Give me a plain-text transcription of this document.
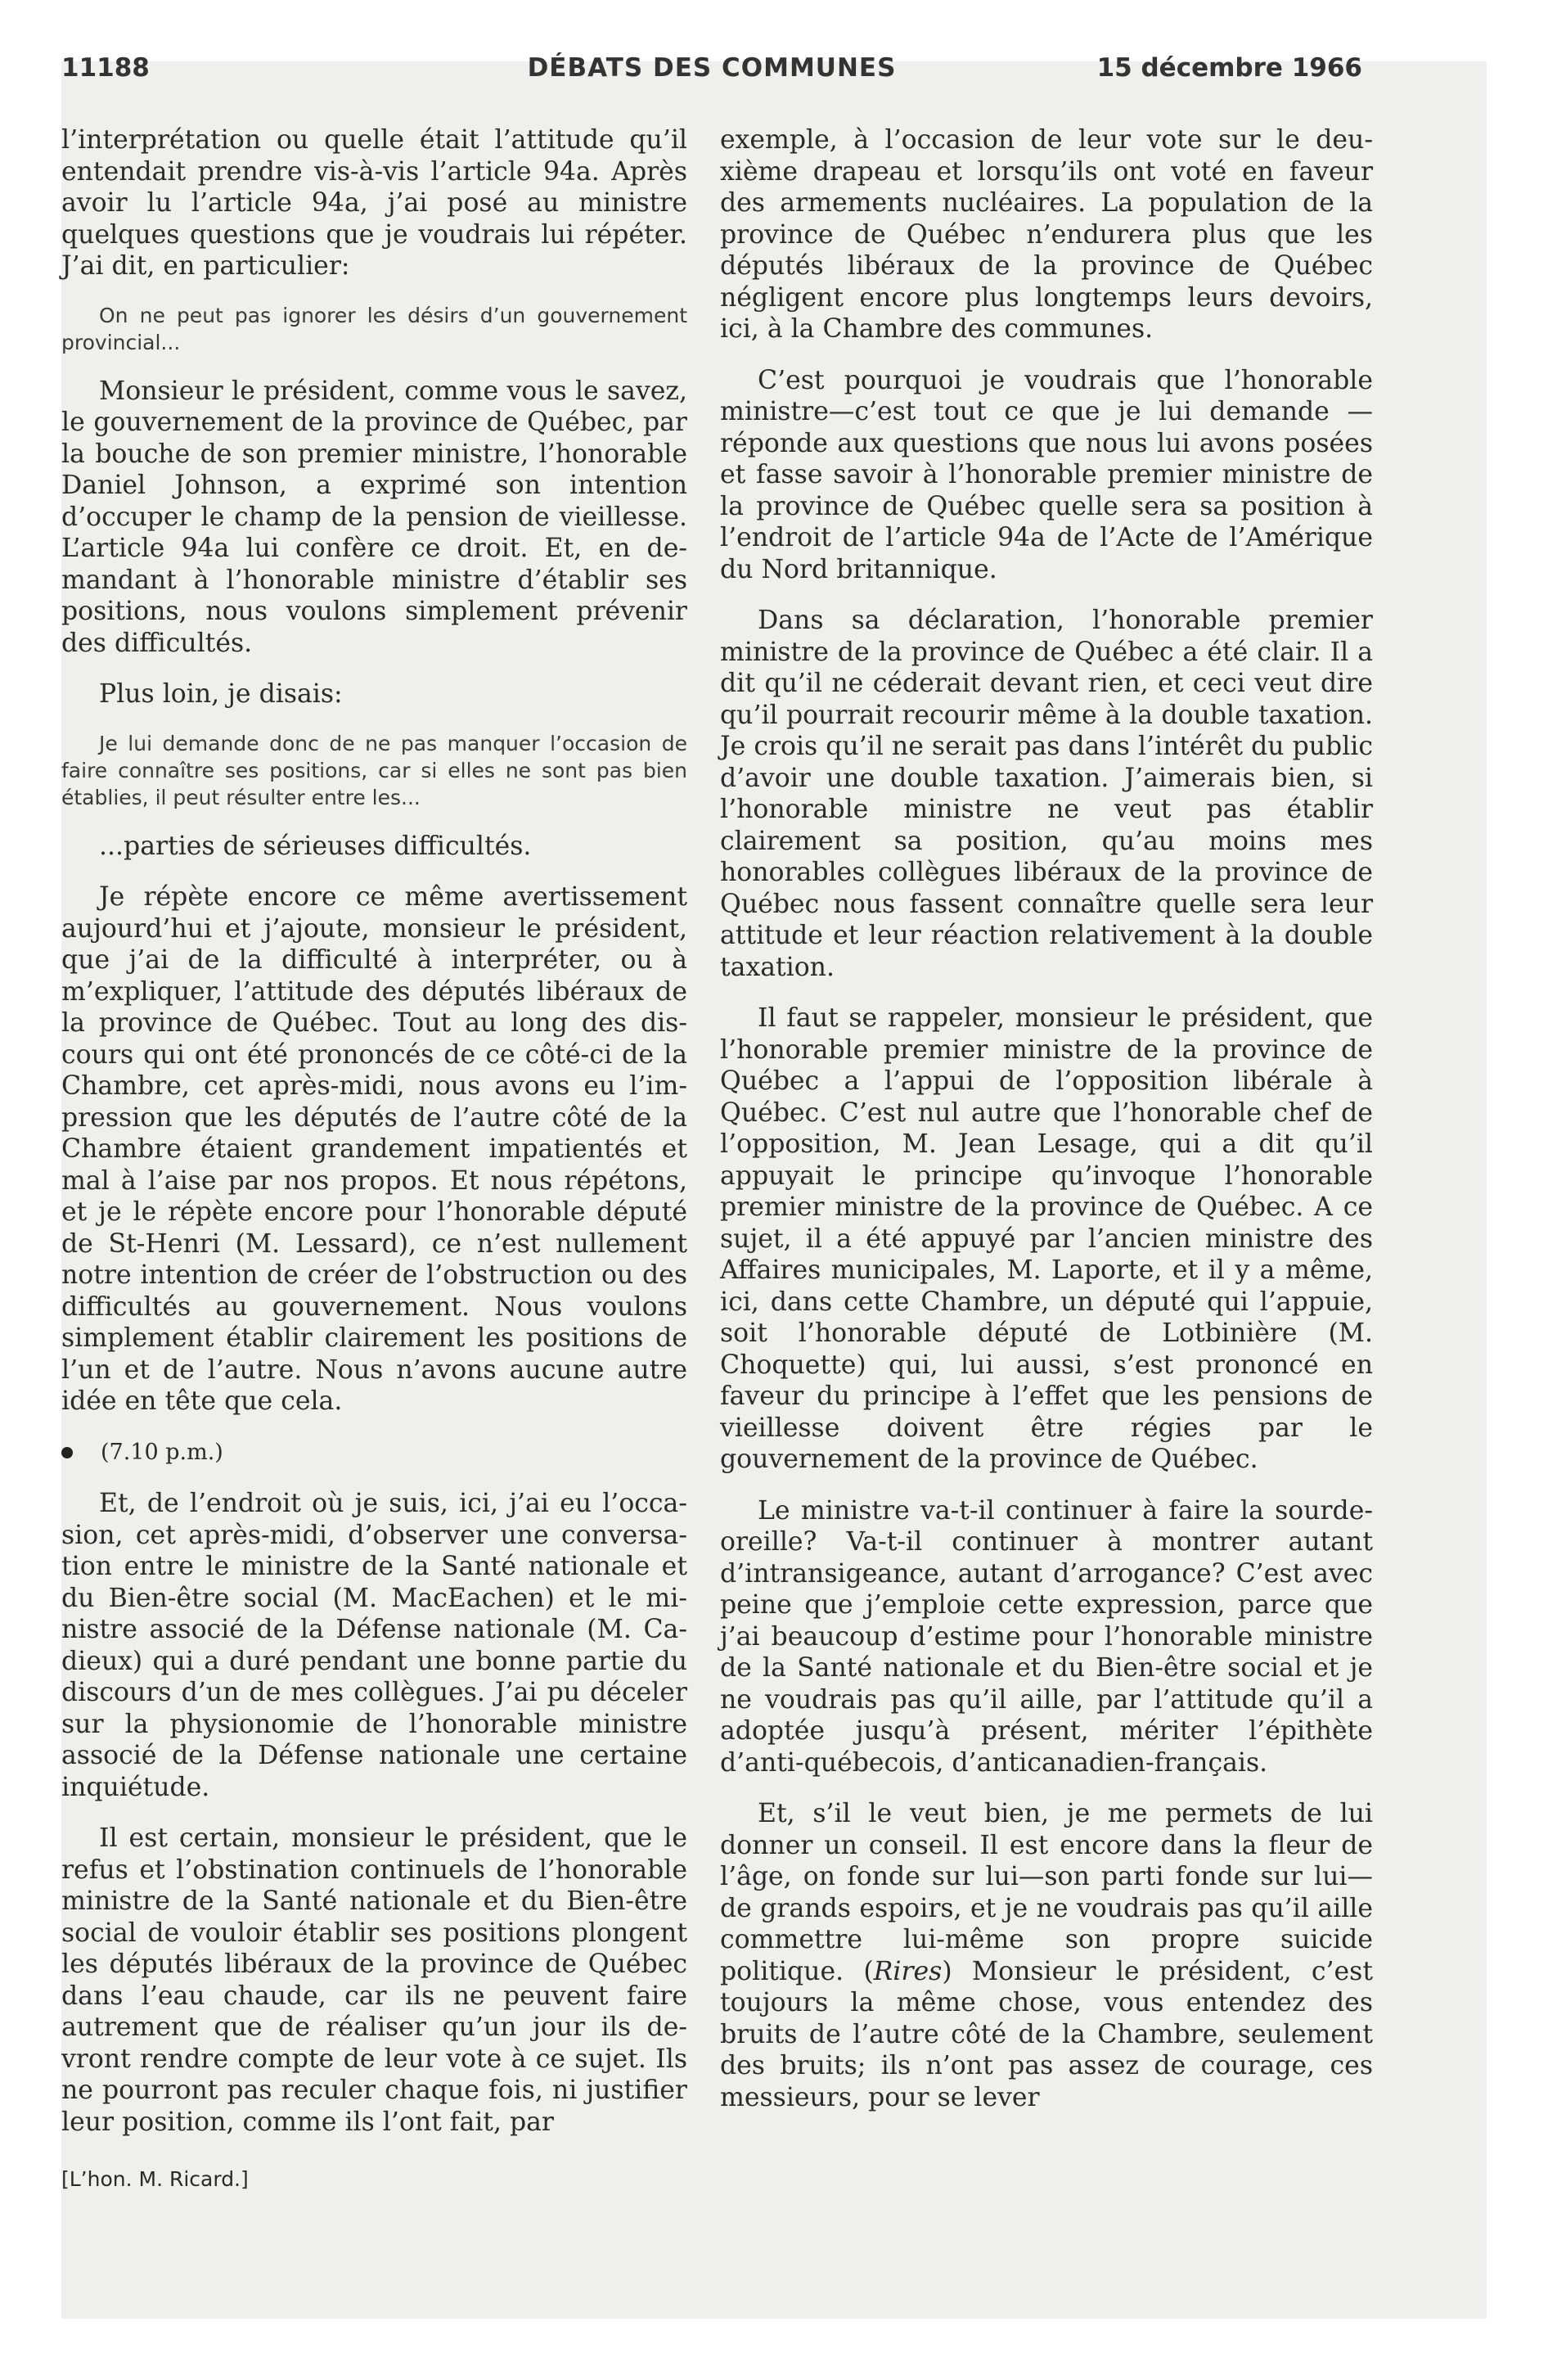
11188	DÉBATS DES COMMUNES	15 décembre 1966

l’interprétation ou quelle était l’attitude qu’il entendait prendre vis-à-vis l’article 94a. Après avoir lu l’article 94a, j’ai posé au ministre quelques questions que je voudrais lui répéter. J’ai dit, en particulier:

On ne peut pas ignorer les désirs d’un gouvernement provincial...

Monsieur le président, comme vous le savez, le gouvernement de la province de Québec, par la bouche de son premier ministre, l’honorable Daniel Johnson, a exprimé son intention d’occuper le champ de la pension de vieillesse. L’article 94a lui confère ce droit. Et, en demandant à l’honorable ministre d’établir ses positions, nous voulons simplement prévenir des difficultés.

Plus loin, je disais:

Je lui demande donc de ne pas manquer l’occasion de faire connaître ses positions, car si elles ne sont pas bien établies, il peut résulter entre les...

...parties de sérieuses difficultés.

Je répète encore ce même avertissement aujourd’hui et j’ajoute, monsieur le président, que j’ai de la difficulté à interpréter, ou à m’expliquer, l’attitude des députés libéraux de la province de Québec. Tout au long des discours qui ont été prononcés de ce côté-ci de la Chambre, cet après-midi, nous avons eu l’impression que les députés de l’autre côté de la Chambre étaient grandement impatientés et mal à l’aise par nos propos. Et nous répétons, et je le répète encore pour l’honorable député de St-Henri (M. Lessard), ce n’est nullement notre intention de créer de l’obstruction ou des difficultés au gouvernement. Nous voulons simplement établir clairement les positions de l’un et de l’autre. Nous n’avons aucune autre idée en tête que cela.

(7.10 p.m.)

Et, de l’endroit où je suis, ici, j’ai eu l’occasion, cet après-midi, d’observer une conversation entre le ministre de la Santé nationale et du Bien-être social (M. MacEachen) et le ministre associé de la Défense nationale (M. Cadieux) qui a duré pendant une bonne partie du discours d’un de mes collègues. J’ai pu déceler sur la physionomie de l’honorable ministre associé de la Défense nationale une certaine inquiétude.

Il est certain, monsieur le président, que le refus et l’obstination continuels de l’honorable ministre de la Santé nationale et du Bien-être social de vouloir établir ses positions plongent les députés libéraux de la province de Québec dans l’eau chaude, car ils ne peuvent faire autrement que de réaliser qu’un jour ils devront rendre compte de leur vote à ce sujet. Ils ne pourront pas reculer chaque fois, ni justifier leur position, comme ils l’ont fait, par

[L’hon. M. Ricard.]

exemple, à l’occasion de leur vote sur le deuxième drapeau et lorsqu’ils ont voté en faveur des armements nucléaires. La population de la province de Québec n’endurera plus que les députés libéraux de la province de Québec négligent encore plus longtemps leurs devoirs, ici, à la Chambre des communes.

C’est pourquoi je voudrais que l’honorable ministre—c’est tout ce que je lui demande —réponde aux questions que nous lui avons posées et fasse savoir à l’honorable premier ministre de la province de Québec quelle sera sa position à l’endroit de l’article 94a de l’Acte de l’Amérique du Nord britannique.

Dans sa déclaration, l’honorable premier ministre de la province de Québec a été clair. Il a dit qu’il ne céderait devant rien, et ceci veut dire qu’il pourrait recourir même à la double taxation. Je crois qu’il ne serait pas dans l’intérêt du public d’avoir une double taxation. J’aimerais bien, si l’honorable ministre ne veut pas établir clairement sa position, qu’au moins mes honorables collègues libéraux de la province de Québec nous fassent connaître quelle sera leur attitude et leur réaction relativement à la double taxation.

Il faut se rappeler, monsieur le président, que l’honorable premier ministre de la province de Québec a l’appui de l’opposition libérale à Québec. C’est nul autre que l’honorable chef de l’opposition, M. Jean Lesage, qui a dit qu’il appuyait le principe qu’invoque l’honorable premier ministre de la province de Québec. A ce sujet, il a été appuyé par l’ancien ministre des Affaires municipales, M. Laporte, et il y a même, ici, dans cette Chambre, un député qui l’appuie, soit l’honorable député de Lotbinière (M. Choquette) qui, lui aussi, s’est prononcé en faveur du principe à l’effet que les pensions de vieillesse doivent être régies par le gouvernement de la province de Québec.

Le ministre va-t-il continuer à faire la sourde-oreille? Va-t-il continuer à montrer autant d’intransigeance, autant d’arrogance? C’est avec peine que j’emploie cette expression, parce que j’ai beaucoup d’estime pour l’honorable ministre de la Santé nationale et du Bien-être social et je ne voudrais pas qu’il aille, par l’attitude qu’il a adoptée jusqu’à présent, mériter l’épithète d’anti-québecois, d’anticanadien-français.

Et, s’il le veut bien, je me permets de lui donner un conseil. Il est encore dans la fleur de l’âge, on fonde sur lui—son parti fonde sur lui—de grands espoirs, et je ne voudrais pas qu’il aille commettre lui-même son propre suicide politique. (Rires) Monsieur le président, c’est toujours la même chose, vous entendez des bruits de l’autre côté de la Chambre, seulement des bruits; ils n’ont pas assez de courage, ces messieurs, pour se lever
